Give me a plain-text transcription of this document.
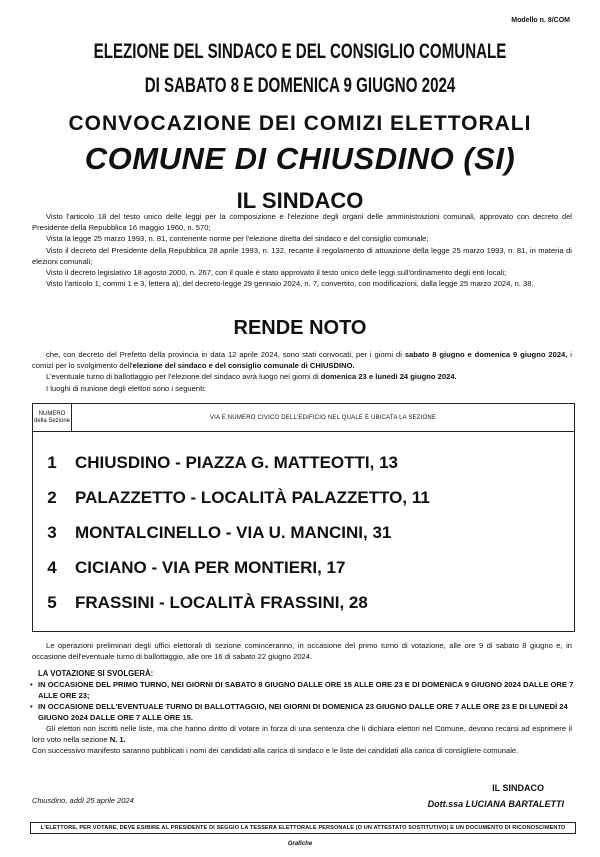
Modello n. 8/COM
ELEZIONE DEL SINDACO E DEL CONSIGLIO COMUNALE
DI SABATO 8 E DOMENICA 9 GIUGNO 2024
CONVOCAZIONE DEI COMIZI ELETTORALI
COMUNE DI CHIUSDINO (SI)
IL SINDACO

Visto l'articolo 18 del testo unico delle leggi per la composizione e l'elezione degli organi delle amministrazioni comunali, approvato con decreto del Presidente della Repubblica 16 maggio 1960, n. 570;

Vista la legge 25 marzo 1993, n. 81, contenente norme per l'elezione diretta del sindaco e del consiglio comunale;

Visto il decreto del Presidente della Repubblica 28 aprile 1993, n. 132, recante il regolamento di attuazione della legge 25 marzo 1993, n. 81, in materia di elezioni comunali;

Visto il decreto legislativo 18 agosto 2000, n. 267, con il quale è stato approvato il testo unico delle leggi sull'ordinamento degli enti locali;

Visto l'articolo 1, commi 1 e 3, lettera a), del decreto-legge 29 gennaio 2024, n. 7, convertito, con modificazioni, dalla legge 25 marzo 2024, n. 38,

RENDE NOTO

che, con decreto del Prefetto della provincia in data 12 aprile 2024, sono stati convocati, per i giorni di sabato 8 giugno e domenica 9 giugno 2024, i comizi per lo svolgimento dell'elezione del sindaco e del consiglio comunale di CHIUSDINO.

L'eventuale turno di ballottaggio per l'elezione del sindaco avrà luogo nei giorni di domenica 23 e lunedì 24 giugno 2024.

I luoghi di riunione degli elettori sono i seguenti:

NUMERO della Sezione	VIA E NUMERO CIVICO DELL'EDIFICIO NEL QUALE È UBICATA LA SEZIONE
1	CHIUSDINO - PIAZZA G. MATTEOTTI, 13
2	PALAZZETTO - LOCALITÀ PALAZZETTO, 11
3	MONTALCINELLO - VIA U. MANCINI, 31
4	CICIANO - VIA PER MONTIERI, 17
5	FRASSINI - LOCALITÀ FRASSINI, 28

Le operazioni preliminari degli uffici elettorali di sezione cominceranno, in occasione del primo turno di votazione, alle ore 9 di sabato 8 giugno e, in occasione dell'eventuale turno di ballottaggio, alle ore 16 di sabato 22 giugno 2024.

LA VOTAZIONE SI SVOLGERÀ:
• IN OCCASIONE DEL PRIMO TURNO, NEI GIORNI DI SABATO 8 GIUGNO DALLE ORE 15 ALLE ORE 23 E DI DOMENICA 9 GIUGNO 2024 DALLE ORE 7 ALLE ORE 23;
• IN OCCASIONE DELL'EVENTUALE TURNO DI BALLOTTAGGIO, NEI GIORNI DI DOMENICA 23 GIUGNO DALLE ORE 7 ALLE ORE 23 E DI LUNEDÌ 24 GIUGNO 2024 DALLE ORE 7 ALLE ORE 15.

Gli elettori non iscritti nelle liste, ma che hanno diritto di votare in forza di una sentenza che li dichiara elettori nel Comune, devono recarsi ad esprimere il loro voto nella sezione N. 1.

Con successivo manifesto saranno pubblicati i nomi dei candidati alla carica di sindaco e le liste dei candidati alla carica di consigliere comunale.

Chiusdino, addì 25 aprile 2024
IL SINDACO
Dott.ssa LUCIANA BARTALETTI
L'ELETTORE, PER VOTARE, DEVE ESIBIRE AL PRESIDENTE DI SEGGIO LA TESSERA ELETTORALE PERSONALE (O UN ATTESTATO SOSTITUTIVO) E UN DOCUMENTO DI RICONOSCIMENTO
Grafiche
